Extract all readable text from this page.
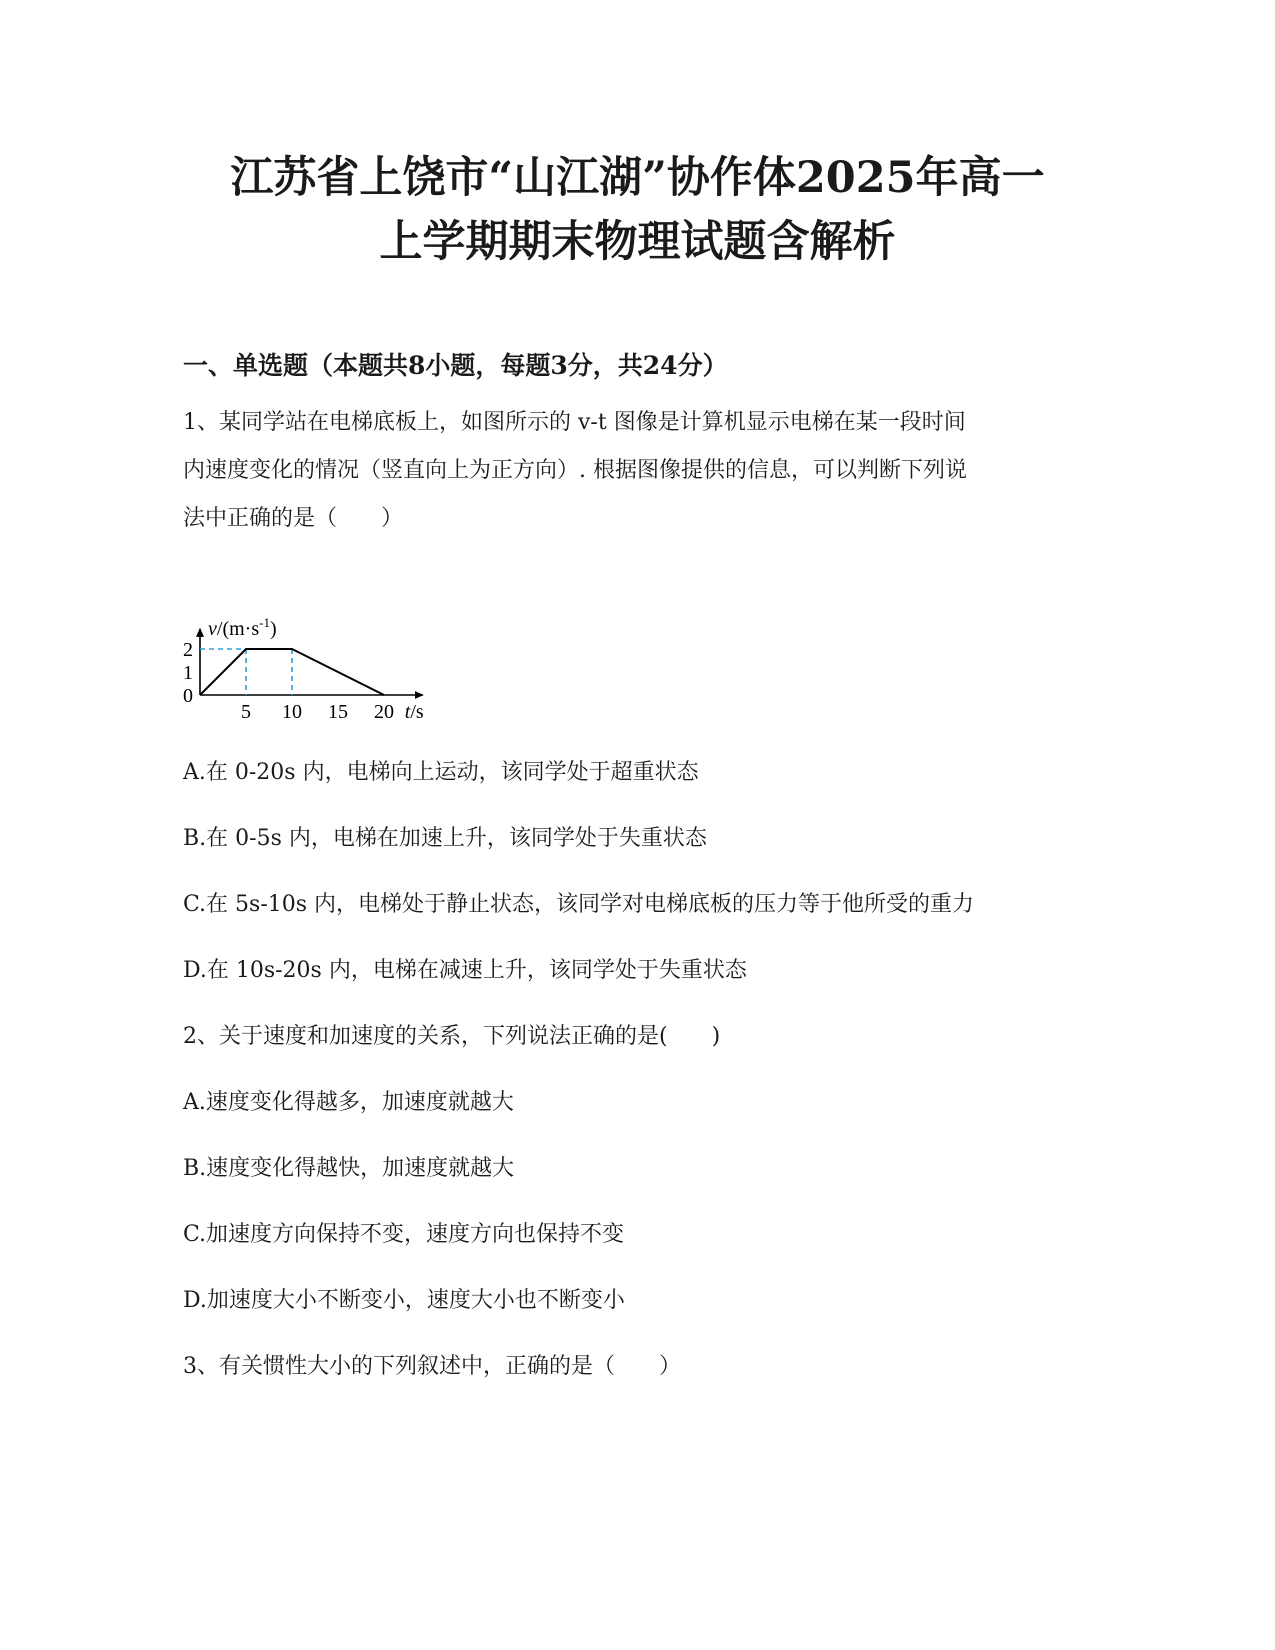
江苏省上饶市“山江湖”协作体2025年高一
上学期期末物理试题含解析
一、单选题（本题共8小题，每题3分，共24分）

1、某同学站在电梯底板上，如图所示的 v-t 图像是计算机显示电梯在某一段时间

内速度变化的情况（竖直向上为正方向）. 根据图像提供的信息，可以判断下列说

法中正确的是（　　）

5 10 15 20
0
1
2
$v/(m\cdot s^{-1})$
t/s

A.在 0-20s 内，电梯向上运动，该同学处于超重状态

B.在 0-5s 内，电梯在加速上升，该同学处于失重状态

C.在 5s-10s 内，电梯处于静止状态，该同学对电梯底板的压力等于他所受的重力

D.在 10s-20s 内，电梯在减速上升，该同学处于失重状态

2、关于速度和加速度的关系，下列说法正确的是(　　)

A.速度变化得越多，加速度就越大

B.速度变化得越快，加速度就越大

C.加速度方向保持不变，速度方向也保持不变

D.加速度大小不断变小，速度大小也不断变小

3、有关惯性大小的下列叙述中，正确的是（　　）
